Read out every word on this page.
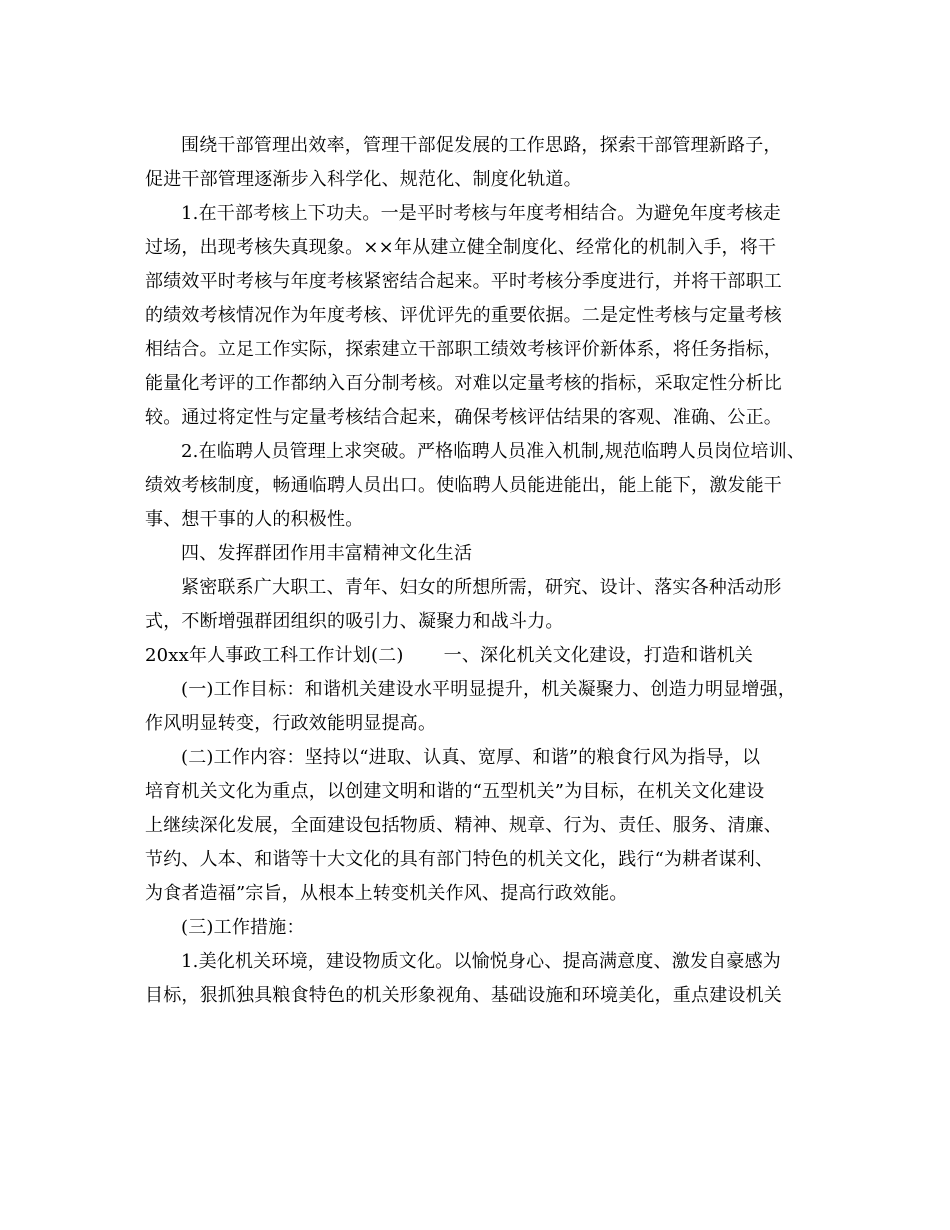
围绕干部管理出效率，管理干部促发展的工作思路，探索干部管理新路子，
促进干部管理逐渐步入科学化、规范化、制度化轨道。

1.在干部考核上下功夫。一是平时考核与年度考相结合。为避免年度考核走
过场，出现考核失真现象。××年从建立健全制度化、经常化的机制入手，将干
部绩效平时考核与年度考核紧密结合起来。平时考核分季度进行，并将干部职工
的绩效考核情况作为年度考核、评优评先的重要依据。二是定性考核与定量考核
相结合。立足工作实际，探索建立干部职工绩效考核评价新体系，将任务指标，
能量化考评的工作都纳入百分制考核。对难以定量考核的指标，采取定性分析比
较。通过将定性与定量考核结合起来，确保考核评估结果的客观、准确、公正。

2.在临聘人员管理上求突破。严格临聘人员准入机制,规范临聘人员岗位培训、
绩效考核制度，畅通临聘人员出口。使临聘人员能进能出，能上能下，激发能干
事、想干事的人的积极性。

四、发挥群团作用丰富精神文化生活

紧密联系广大职工、青年、妇女的所想所需，研究、设计、落实各种活动形
式，不断增强群团组织的吸引力、凝聚力和战斗力。

20xx年人事政工科工作计划(二) 一、深化机关文化建设，打造和谐机关

(一)工作目标：和谐机关建设水平明显提升，机关凝聚力、创造力明显增强，
作风明显转变，行政效能明显提高。

(二)工作内容：坚持以“进取、认真、宽厚、和谐”的粮食行风为指导，以
培育机关文化为重点，以创建文明和谐的“五型机关”为目标，在机关文化建设
上继续深化发展，全面建设包括物质、精神、规章、行为、责任、服务、清廉、
节约、人本、和谐等十大文化的具有部门特色的机关文化，践行“为耕者谋利、
为食者造福”宗旨，从根本上转变机关作风、提高行政效能。

(三)工作措施：

1.美化机关环境，建设物质文化。以愉悦身心、提高满意度、激发自豪感为
目标，狠抓独具粮食特色的机关形象视角、基础设施和环境美化，重点建设机关
